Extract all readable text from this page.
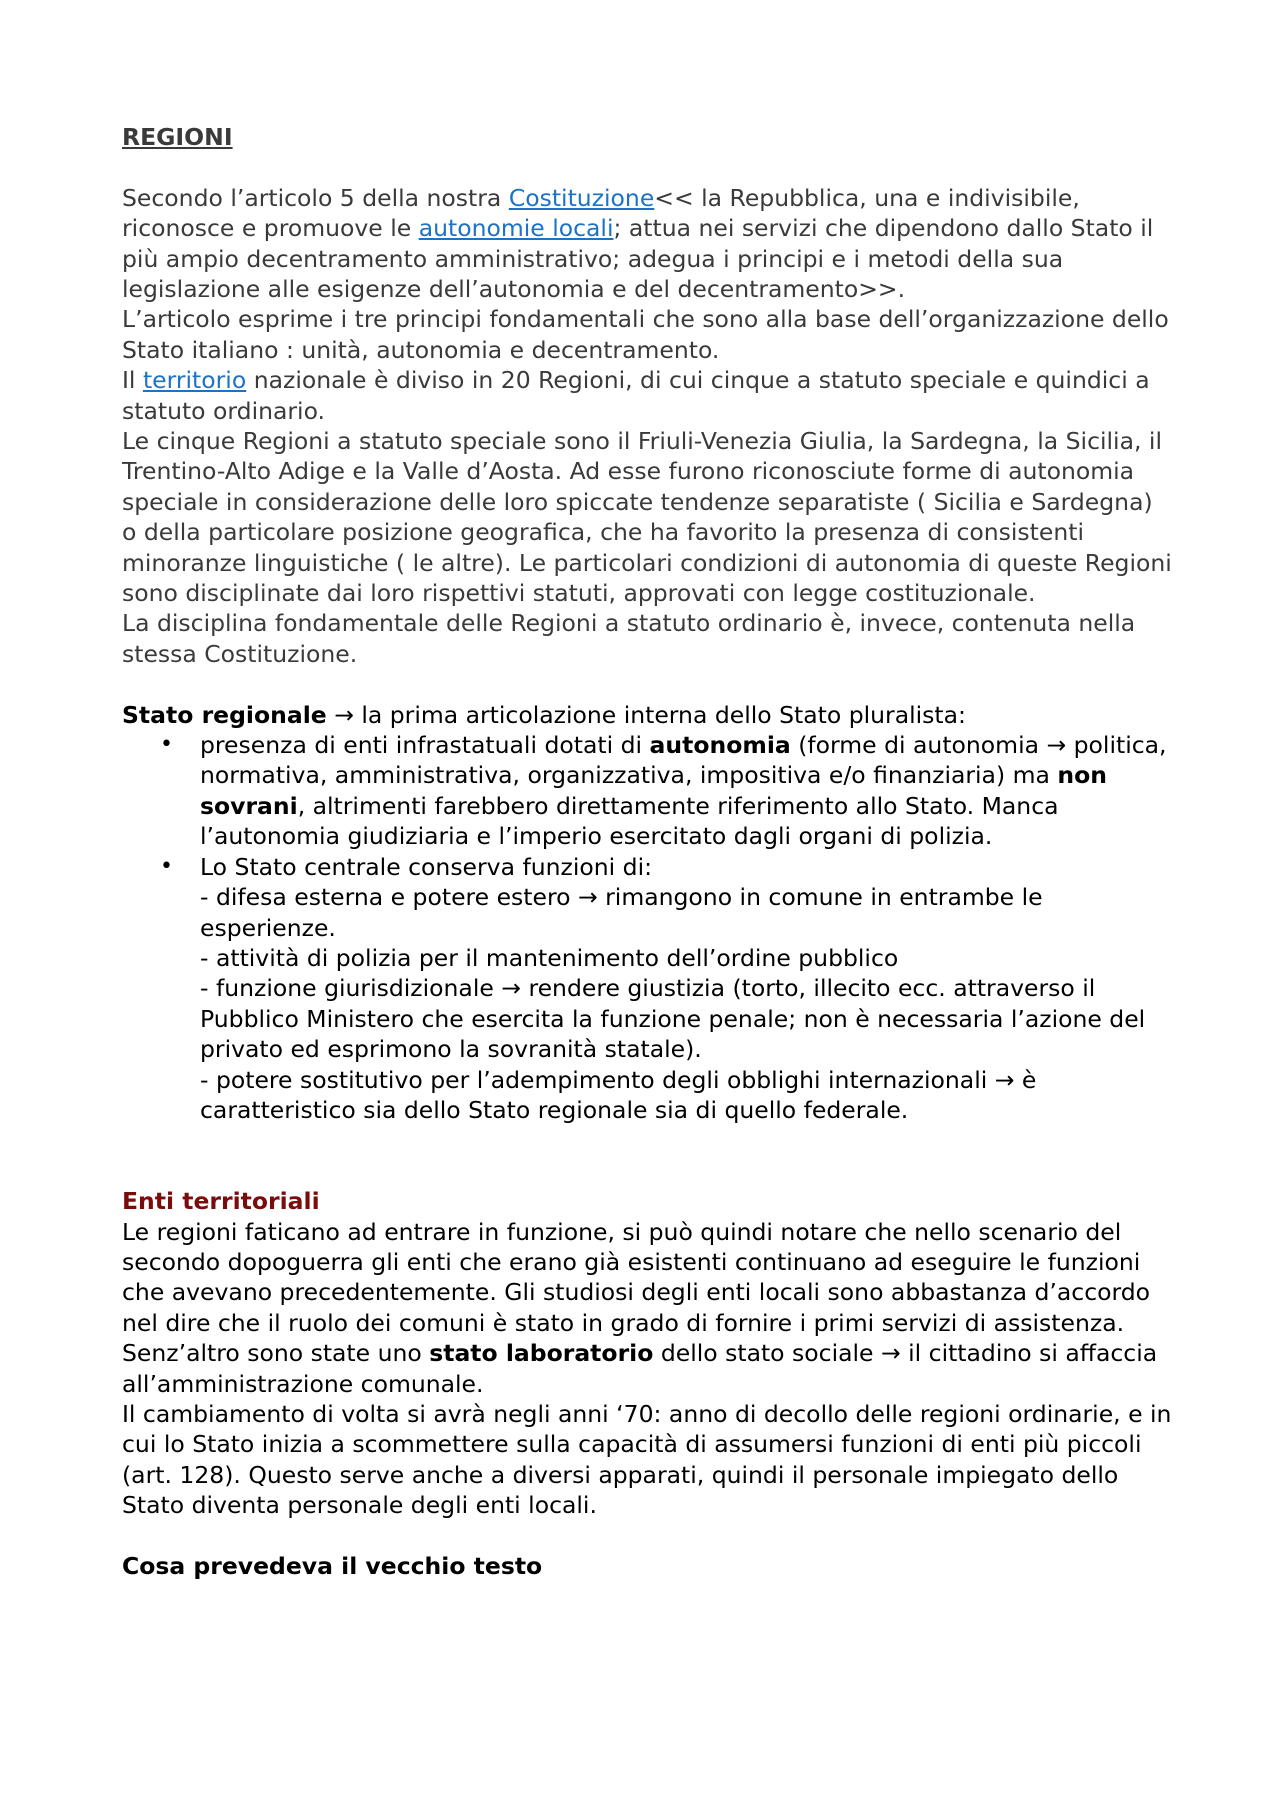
REGIONI

Secondo l’articolo 5 della nostra Costituzione<< la Repubblica, una e indivisibile, riconosce e promuove le autonomie locali; attua nei servizi che dipendono dallo Stato il più ampio decentramento amministrativo; adegua i principi e i metodi della sua legislazione alle esigenze dell’autonomia e del decentramento>>.

L’articolo esprime i tre principi fondamentali che sono alla base dell’organizzazione dello Stato italiano : unità, autonomia e decentramento.

Il territorio nazionale è diviso in 20 Regioni, di cui cinque a statuto speciale e quindici a statuto ordinario.

Le cinque Regioni a statuto speciale sono il Friuli-Venezia Giulia, la Sardegna, la Sicilia, il Trentino-Alto Adige e la Valle d’Aosta. Ad esse furono riconosciute forme di autonomia speciale in considerazione delle loro spiccate tendenze separatiste ( Sicilia e Sardegna) o della particolare posizione geografica, che ha favorito la presenza di consistenti minoranze linguistiche ( le altre). Le particolari condizioni di autonomia di queste Regioni sono disciplinate dai loro rispettivi statuti, approvati con legge costituzionale.

La disciplina fondamentale delle Regioni a statuto ordinario è, invece, contenuta nella stessa Costituzione.

Stato regionale → la prima articolazione interna dello Stato pluralista:

• presenza di enti infrastatuali dotati di autonomia (forme di autonomia → politica, normativa, amministrativa, organizzativa, impositiva e/o finanziaria) ma non sovrani, altrimenti farebbero direttamente riferimento allo Stato. Manca l’autonomia giudiziaria e l’imperio esercitato dagli organi di polizia.
• Lo Stato centrale conserva funzioni di:
- difesa esterna e potere estero → rimangono in comune in entrambe le esperienze.
- attività di polizia per il mantenimento dell’ordine pubblico
- funzione giurisdizionale → rendere giustizia (torto, illecito ecc. attraverso il Pubblico Ministero che esercita la funzione penale; non è necessaria l’azione del privato ed esprimono la sovranità statale).
- potere sostitutivo per l’adempimento degli obblighi internazionali → è caratteristico sia dello Stato regionale sia di quello federale.

Enti territoriali

Le regioni faticano ad entrare in funzione, si può quindi notare che nello scenario del secondo dopoguerra gli enti che erano già esistenti continuano ad eseguire le funzioni che avevano precedentemente. Gli studiosi degli enti locali sono abbastanza d’accordo nel dire che il ruolo dei comuni è stato in grado di fornire i primi servizi di assistenza. Senz’altro sono state uno stato laboratorio dello stato sociale → il cittadino si affaccia all’amministrazione comunale.

Il cambiamento di volta si avrà negli anni ‘70: anno di decollo delle regioni ordinarie, e in cui lo Stato inizia a scommettere sulla capacità di assumersi funzioni di enti più piccoli (art. 128). Questo serve anche a diversi apparati, quindi il personale impiegato dello Stato diventa personale degli enti locali.

Cosa prevedeva il vecchio testo
